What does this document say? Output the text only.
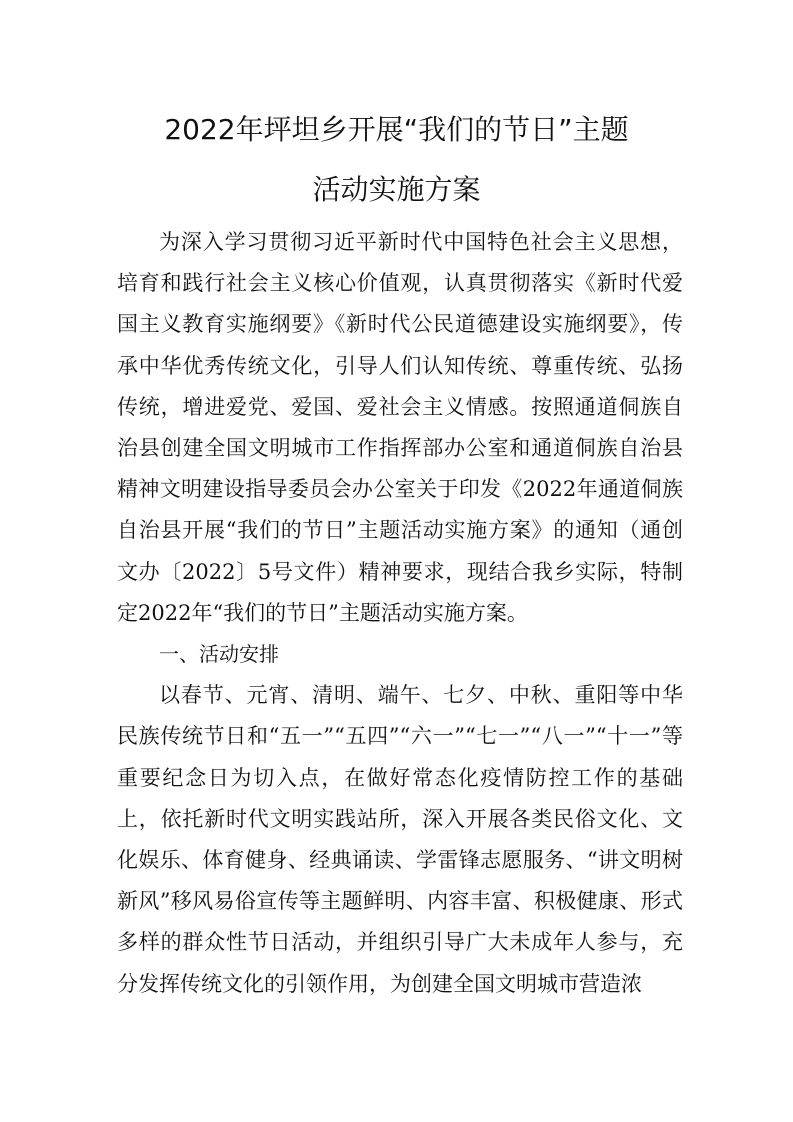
2022年坪坦乡开展“我们的节日”主题
活动实施方案

为深入学习贯彻习近平新时代中国特色社会主义思想，培育和践行社会主义核心价值观，认真贯彻落实《新时代爱国主义教育实施纲要》《新时代公民道德建设实施纲要》，传承中华优秀传统文化，引导人们认知传统、尊重传统、弘扬传统，增进爱党、爱国、爱社会主义情感。按照通道侗族自治县创建全国文明城市工作指挥部办公室和通道侗族自治县精神文明建设指导委员会办公室关于印发《2022年通道侗族自治县开展“我们的节日”主题活动实施方案》的通知（通创文办〔2022〕5号文件）精神要求，现结合我乡实际，特制定2022年“我们的节日”主题活动实施方案。

一、活动安排

以春节、元宵、清明、端午、七夕、中秋、重阳等中华民族传统节日和“五一”“五四”“六一”“七一”“八一”“十一”等重要纪念日为切入点，在做好常态化疫情防控工作的基础上，依托新时代文明实践站所，深入开展各类民俗文化、文化娱乐、体育健身、经典诵读、学雷锋志愿服务、“讲文明树新风”移风易俗宣传等主题鲜明、内容丰富、积极健康、形式多样的群众性节日活动，并组织引导广大未成年人参与，充分发挥传统文化的引领作用，为创建全国文明城市营造浓
